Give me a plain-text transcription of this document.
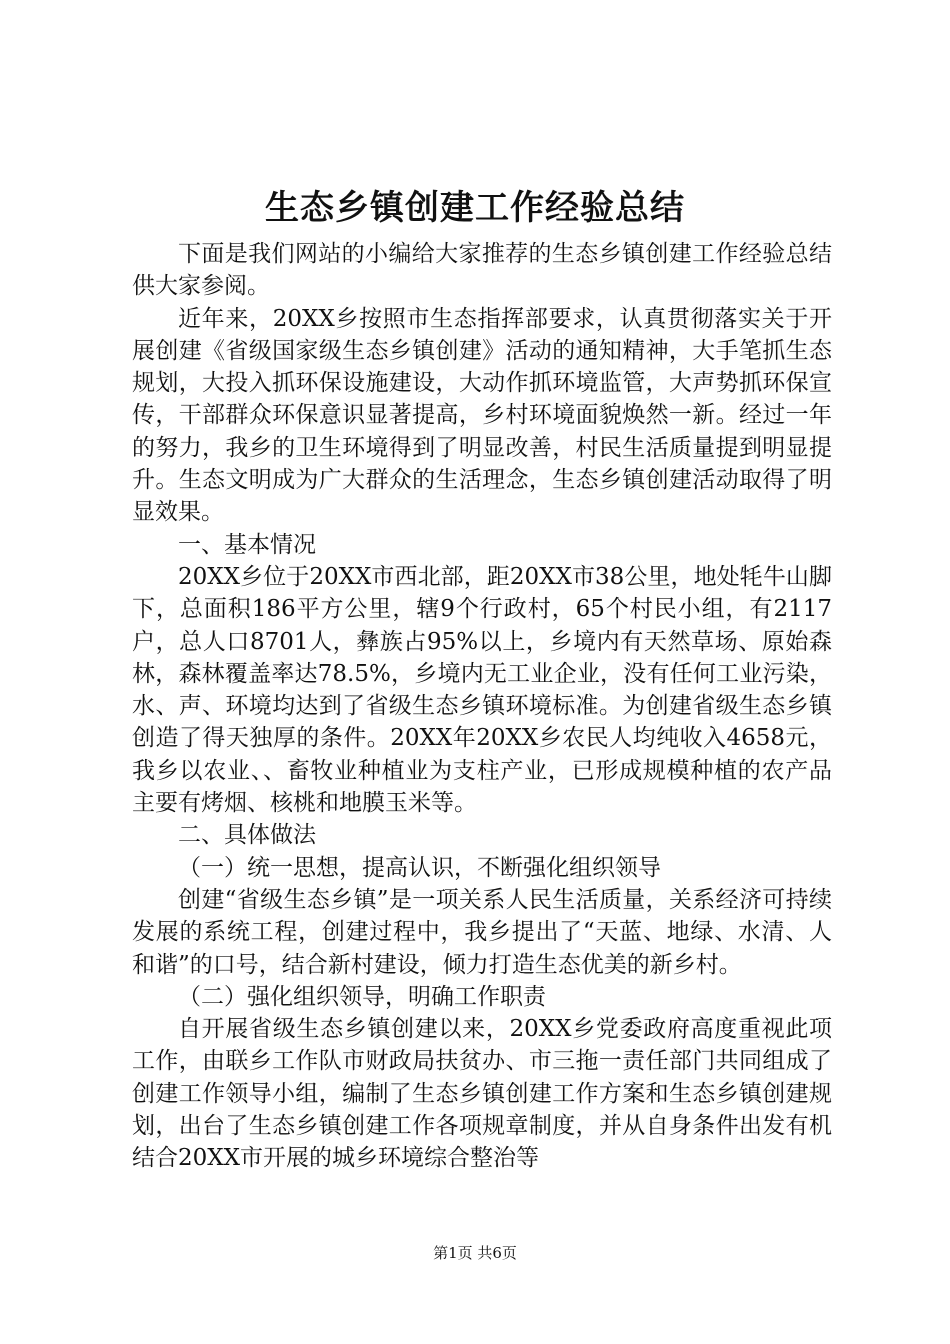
生态乡镇创建工作经验总结

下面是我们网站的小编给大家推荐的生态乡镇创建工作经验总结供大家参阅。

近年来，20XX乡按照市生态指挥部要求，认真贯彻落实关于开展创建《省级国家级生态乡镇创建》活动的通知精神，大手笔抓生态规划，大投入抓环保设施建设，大动作抓环境监管，大声势抓环保宣传，干部群众环保意识显著提高，乡村环境面貌焕然一新。经过一年的努力，我乡的卫生环境得到了明显改善，村民生活质量提到明显提升。生态文明成为广大群众的生活理念，生态乡镇创建活动取得了明显效果。

一、基本情况

20XX乡位于20XX市西北部，距20XX市38公里，地处牦牛山脚下，总面积186平方公里，辖9个行政村，65个村民小组，有2117户，总人口8701人，彝族占95%以上，乡境内有天然草场、原始森林，森林覆盖率达78.5%，乡境内无工业企业，没有任何工业污染，水、声、环境均达到了省级生态乡镇环境标准。为创建省级生态乡镇创造了得天独厚的条件。20XX年20XX乡农民人均纯收入4658元，我乡以农业、、畜牧业种植业为支柱产业，已形成规模种植的农产品主要有烤烟、核桃和地膜玉米等。

二、具体做法

（一）统一思想，提高认识，不断强化组织领导

创建“省级生态乡镇”是一项关系人民生活质量，关系经济可持续发展的系统工程，创建过程中，我乡提出了“天蓝、地绿、水清、人和谐”的口号，结合新村建设，倾力打造生态优美的新乡村。

（二）强化组织领导，明确工作职责

自开展省级生态乡镇创建以来，20XX乡党委政府高度重视此项工作，由联乡工作队市财政局扶贫办、市三拖一责任部门共同组成了创建工作领导小组，编制了生态乡镇创建工作方案和生态乡镇创建规划，出台了生态乡镇创建工作各项规章制度，并从自身条件出发有机结合20XX市开展的城乡环境综合整治等

第1页 共6页
